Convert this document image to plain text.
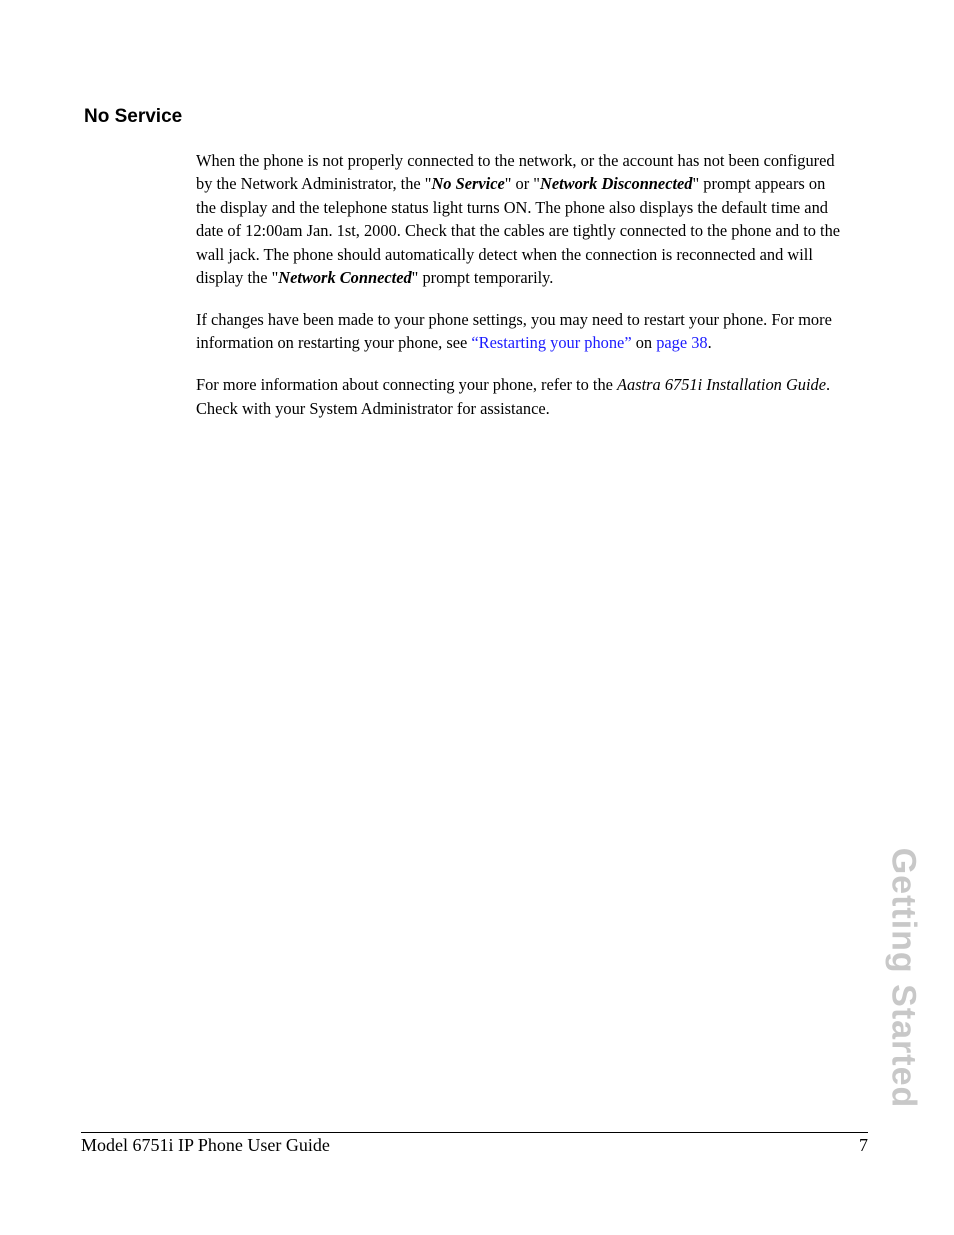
No Service

When the phone is not properly connected to the network, or the account has not been configured
by the Network Administrator, the "No Service" or "Network Disconnected" prompt appears on
the display and the telephone status light turns ON. The phone also displays the default time and
date of 12:00am Jan. 1st, 2000. Check that the cables are tightly connected to the phone and to the
wall jack. The phone should automatically detect when the connection is reconnected and will
display the "Network Connected" prompt temporarily.

If changes have been made to your phone settings, you may need to restart your phone. For more
information on restarting your phone, see “Restarting your phone” on page 38.

For more information about connecting your phone, refer to the Aastra 6751i Installation Guide.
Check with your System Administrator for assistance.

Getting Started
Model 6751i IP Phone User Guide	7
